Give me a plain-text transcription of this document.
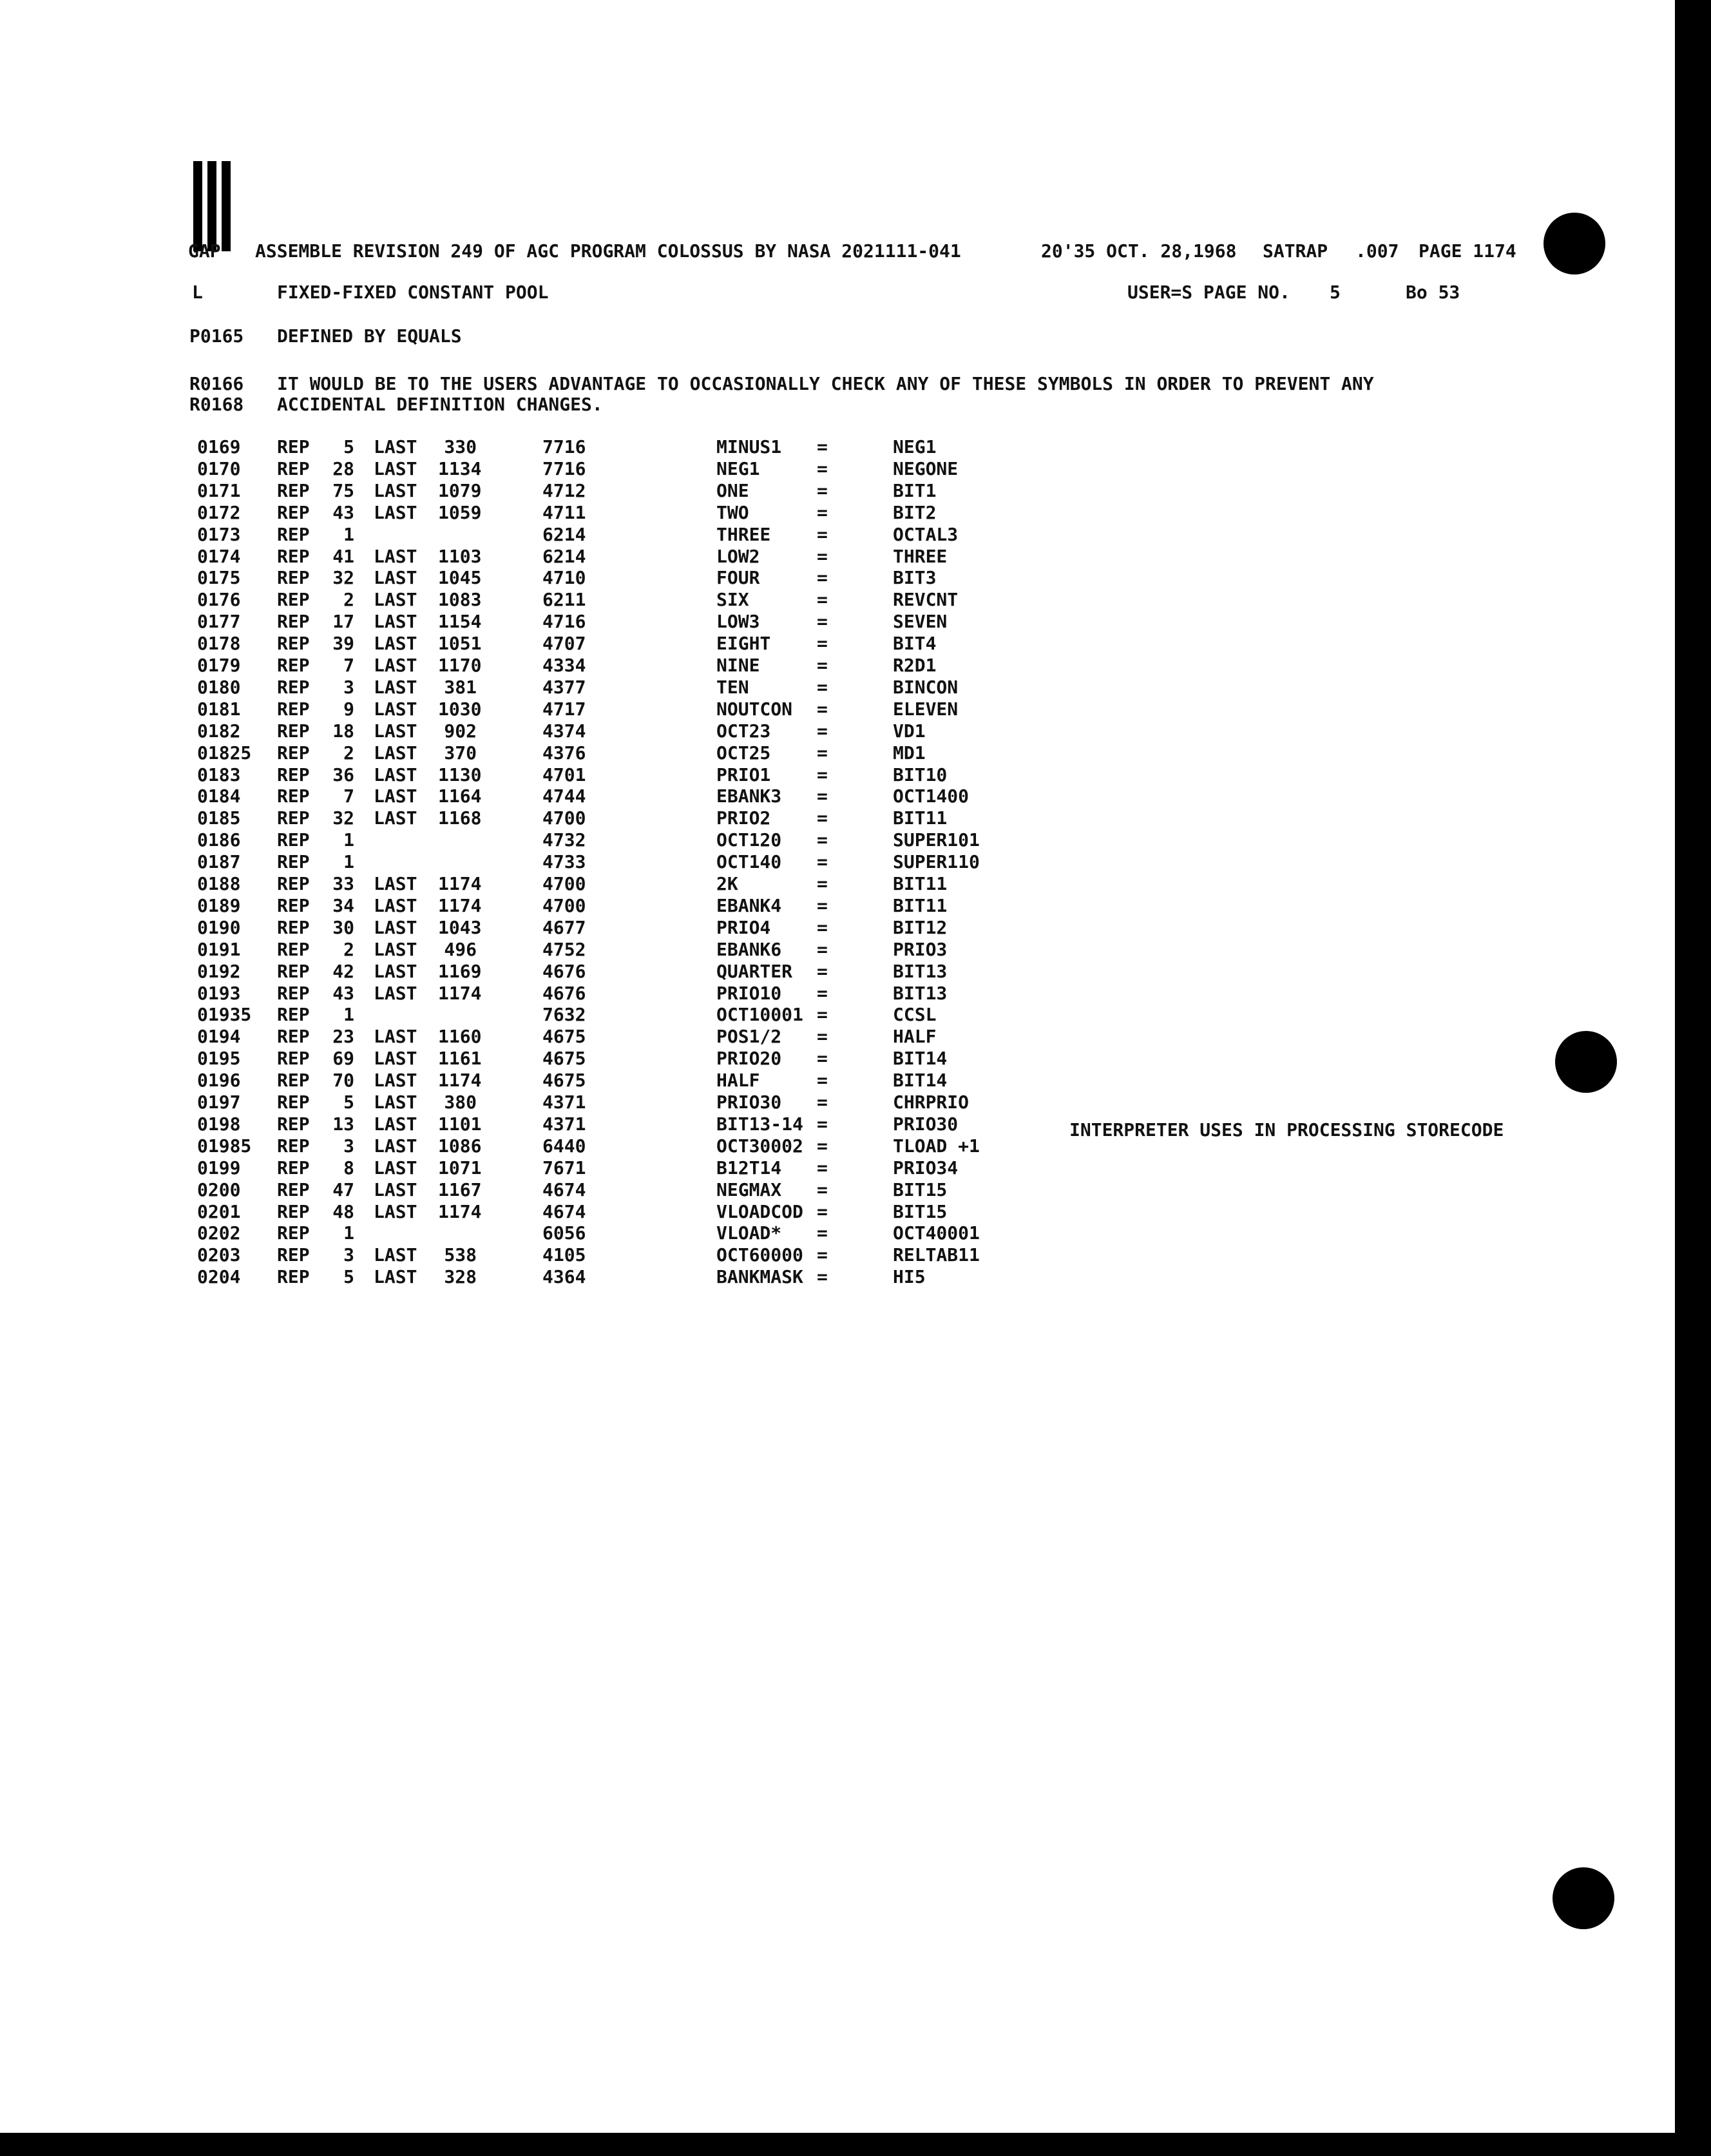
GAP ASSEMBLE REVISION 249 OF AGC PROGRAM COLOSSUS BY NASA 2021111-041	20'35 OCT. 28,1968 SATRAP .007 PAGE 1174
L	FIXED-FIXED CONSTANT POOL	USER=S PAGE NO. 5	Bo 53
P0165 DEFINED BY EQUALS
R0166 IT WOULD BE TO THE USERS ADVANTAGE TO OCCASIONALLY CHECK ANY OF THESE SYMBOLS IN ORDER TO PREVENT ANY
R0168 ACCIDENTAL DEFINITION CHANGES.
0169 REP	5 LAST	330	7716	MINUS1 =	NEG1
0170 REP 28 LAST 1134	7716	NEG1	=	NEGONE
0171 REP 75 LAST 1079	4712	ONE	=	BIT1
0172 REP 43 LAST 1059	4711	TWO	=	BIT2
0173 REP	1	6214	THREE	=	OCTAL3
0174 REP 41 LAST 1103	6214	LOW2	=	THREE
0175 REP 32 LAST 1045	4710	FOUR	=	BIT3
0176 REP	2 LAST 1083	6211	SIX	=	REVCNT
0177 REP 17 LAST 1154	4716	LOW3	=	SEVEN
0178 REP 39 LAST 1051	4707	EIGHT	=	BIT4
0179 REP	7 LAST 1170	4334	NINE	=	R2D1
0180 REP	3 LAST	381	4377	TEN	=	BINCON
0181 REP	9 LAST 1030	4717	NOUTCON =	ELEVEN
0182 REP 18 LAST	902	4374	OCT23	=	VD1
01825 REP	2 LAST	370	4376	OCT25	=	MD1
0183 REP 36 LAST 1130	4701	PRIO1	=	BIT10
0184 REP	7 LAST 1164	4744	EBANK3 =	OCT1400
0185 REP 32 LAST 1168	4700	PRIO2	=	BIT11
0186 REP	1	4732	OCT120 =	SUPER101
0187 REP	1	4733	OCT140 =	SUPER110
0188 REP 33 LAST 1174	4700	2K	=	BIT11
0189 REP 34 LAST 1174	4700	EBANK4 =	BIT11
0190 REP 30 LAST 1043	4677	PRIO4	=	BIT12
0191 REP	2 LAST	496	4752	EBANK6 =	PRIO3
0192 REP 42 LAST 1169	4676	QUARTER =	BIT13
0193 REP 43 LAST 1174	4676	PRIO10 =	BIT13
01935 REP	1	7632	OCT10001 =	CCSL
0194 REP 23 LAST 1160	4675	POS1/2 =	HALF
0195 REP 69 LAST 1161	4675	PRIO20 =	BIT14
0196 REP 70 LAST 1174	4675	HALF	=	BIT14
0197 REP	5 LAST	380	4371	PRIO30 =	CHRPRIO
0198 REP 13 LAST 1101	4371	BIT13-14 =	PRIO30
01985 REP	3 LAST 1086	6440	OCT30002 =	TLOAD +1
0199 REP	8 LAST 1071	7671	B12T14 =	PRIO34
0200 REP 47 LAST 1167	4674	NEGMAX =	BIT15
0201 REP 48 LAST 1174	4674	VLOADCOD =	BIT15
0202 REP	1	6056	VLOAD* =	OCT40001
0203 REP	3 LAST	538	4105	OCT60000 =	RELTAB11
0204 REP	5 LAST	328	4364	BANKMASK =	HI5
INTERPRETER USES IN PROCESSING STORECODE
